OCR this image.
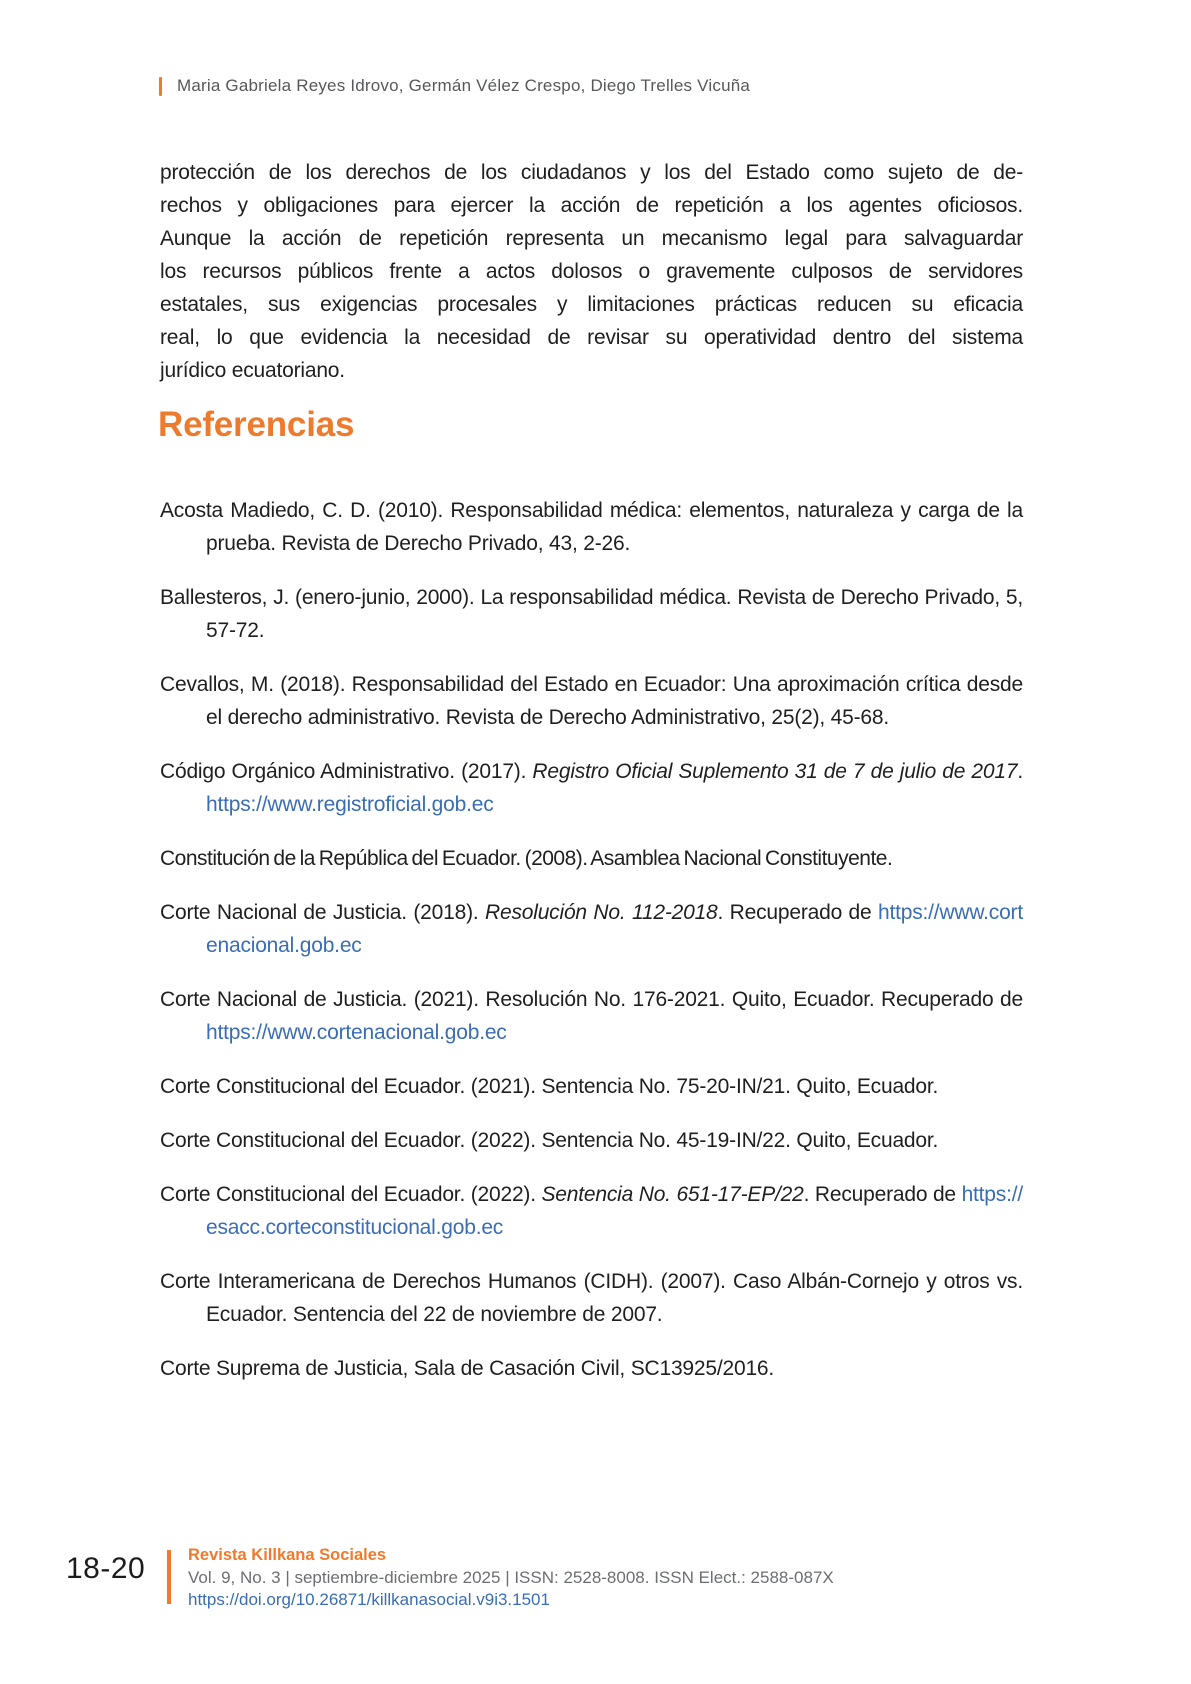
Maria Gabriela Reyes Idrovo, Germán Vélez Crespo, Diego Trelles Vicuña
protección de los derechos de los ciudadanos y los del Estado como sujeto de de-
rechos y obligaciones para ejercer la acción de repetición a los agentes oficiosos.
Aunque la acción de repetición representa un mecanismo legal para salvaguardar
los recursos públicos frente a actos dolosos o gravemente culposos de servidores
estatales, sus exigencias procesales y limitaciones prácticas reducen su eficacia
real, lo que evidencia la necesidad de revisar su operatividad dentro del sistema
jurídico ecuatoriano.
Referencias

Acosta Madiedo, C. D. (2010). Responsabilidad médica: elementos, naturaleza y carga de la prueba. Revista de Derecho Privado, 43, 2-26.

Ballesteros, J. (enero-junio, 2000). La responsabilidad médica. Revista de Derecho Privado, 5, 57-72.

Cevallos, M. (2018). Responsabilidad del Estado en Ecuador: Una aproximación crítica desde el derecho administrativo. Revista de Derecho Administrativo, 25(2), 45-68.

Código Orgánico Administrativo. (2017). Registro Oficial Suplemento 31 de 7 de julio de 2017. https://www.registroficial.gob.ec

Constitución de la República del Ecuador. (2008). Asamblea Nacional Constituyente.

Corte Nacional de Justicia. (2018). Resolución No. 112-2018. Recuperado de https://www.cortenacional.gob.ec

Corte Nacional de Justicia. (2021). Resolución No. 176-2021. Quito, Ecuador. Recuperado de https://www.cortenacional.gob.ec

Corte Constitucional del Ecuador. (2021). Sentencia No. 75-20-IN/21. Quito, Ecuador.

Corte Constitucional del Ecuador. (2022). Sentencia No. 45-19-IN/22. Quito, Ecuador.

Corte Constitucional del Ecuador. (2022). Sentencia No. 651-17-EP/22. Recuperado de https://esacc.corteconstitucional.gob.ec

Corte Interamericana de Derechos Humanos (CIDH). (2007). Caso Albán-Cornejo y otros vs. Ecuador. Sentencia del 22 de noviembre de 2007.

Corte Suprema de Justicia, Sala de Casación Civil, SC13925/2016.

18-20	Revista Killkana Sociales
Vol. 9, No. 3 | septiembre-diciembre 2025 | ISSN: 2528-8008. ISSN Elect.: 2588-087X
https://doi.org/10.26871/killkanasocial.v9i3.1501
